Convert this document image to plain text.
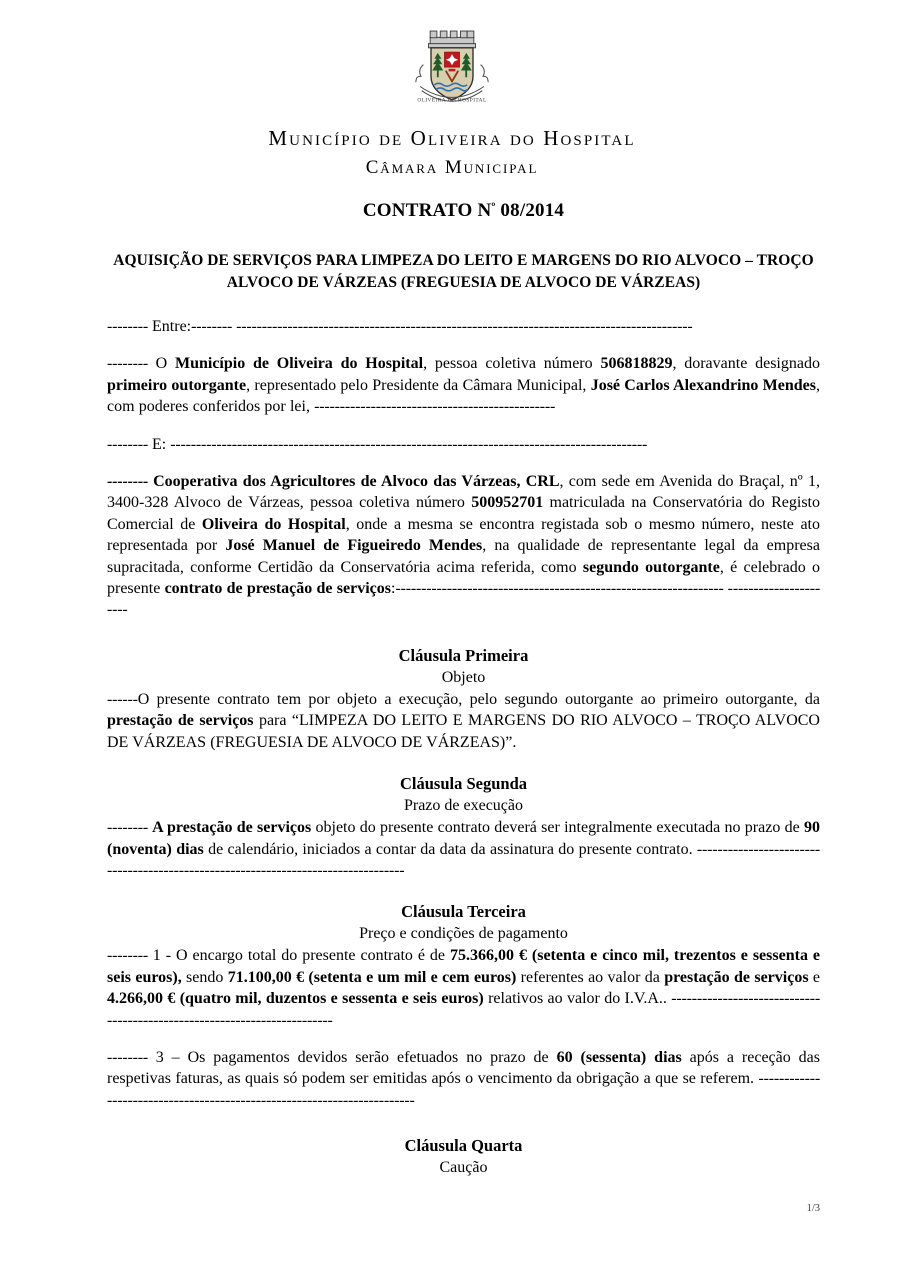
OLIVEIRA DO HOSPITAL
Município de Oliveira do Hospital
Câmara Municipal
CONTRATO $N^º$ 08/2014
AQUISIÇÃO DE SERVIÇOS PARA LIMPEZA DO LEITO E MARGENS DO RIO ALVOCO – TROÇO ALVOCO DE VÁRZEAS (FREGUESIA DE ALVOCO DE VÁRZEAS)

-------- Entre:-------- -----------------------------------------------------------------------------------------

-------- O Município de Oliveira do Hospital, pessoa coletiva número 506818829, doravante designado primeiro outorgante, representado pelo Presidente da Câmara Municipal, José Carlos Alexandrino Mendes, com poderes conferidos por lei, -----------------------------------------------

-------- E: ---------------------------------------------------------------------------------------------

-------- Cooperativa dos Agricultores de Alvoco das Várzeas, CRL, com sede em Avenida do Braçal, nº 1, 3400-328 Alvoco de Várzeas, pessoa coletiva número 500952701 matriculada na Conservatória do Registo Comercial de Oliveira do Hospital, onde a mesma se encontra registada sob o mesmo número, neste ato representada por José Manuel de Figueiredo Mendes, na qualidade de representante legal da empresa supracitada, conforme Certidão da Conservatória acima referida, como segundo outorgante, é celebrado o presente contrato de prestação de serviços:---------------------------------------------------------------- ----------------------

Cláusula Primeira
Objeto

------O presente contrato tem por objeto a execução, pelo segundo outorgante ao primeiro outorgante, da prestação de serviços para “LIMPEZA DO LEITO E MARGENS DO RIO ALVOCO – TROÇO ALVOCO DE VÁRZEAS (FREGUESIA DE ALVOCO DE VÁRZEAS)”.

Cláusula Segunda
Prazo de execução

-------- A prestação de serviços objeto do presente contrato deverá ser integralmente executada no prazo de 90 (noventa) dias de calendário, iniciados a contar da data da assinatura do presente contrato. ----------------------------------------------------------------------------------

Cláusula Terceira
Preço e condições de pagamento

-------- 1 - O encargo total do presente contrato é de 75.366,00 € (setenta e cinco mil, trezentos e sessenta e seis euros), sendo 71.100,00 € (setenta e um mil e cem euros) referentes ao valor da prestação de serviços e 4.266,00 € (quatro mil, duzentos e sessenta e seis euros) relativos ao valor do I.V.A.. -------------------------------------------------------------------------

-------- 3 – Os pagamentos devidos serão efetuados no prazo de 60 (sessenta) dias após a receção das respetivas faturas, as quais só podem ser emitidas após o vencimento da obrigação a que se referem. ------------------------------------------------------------------------

Cláusula Quarta
Caução
1/3
